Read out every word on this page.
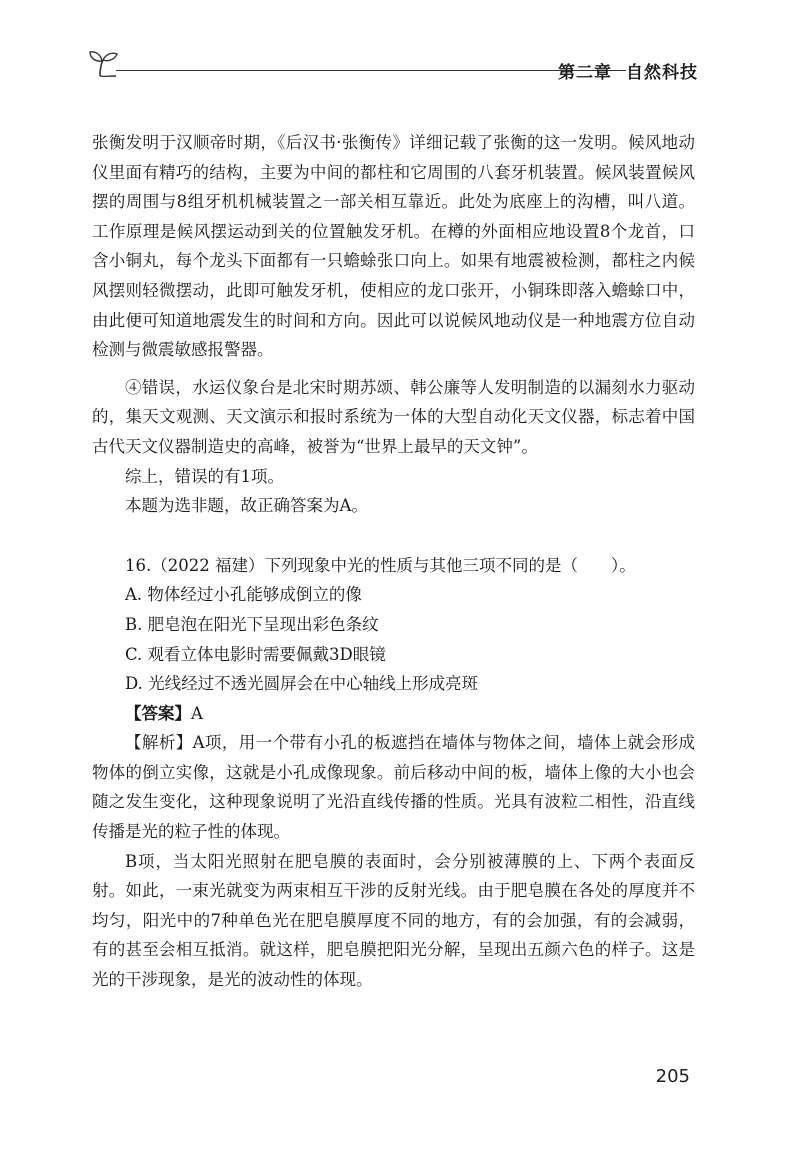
第二章 自然科技

张衡发明于汉顺帝时期，《后汉书·张衡传》详细记载了张衡的这一发明。候风地动仪里面有精巧的结构，主要为中间的都柱和它周围的八套牙机装置。候风装置候风摆的周围与8组牙机机械装置之一部关相互靠近。此处为底座上的沟槽，叫八道。工作原理是候风摆运动到关的位置触发牙机。在樽的外面相应地设置8个龙首，口含小铜丸，每个龙头下面都有一只蟾蜍张口向上。如果有地震被检测，都柱之内候风摆则轻微摆动，此即可触发牙机，使相应的龙口张开，小铜珠即落入蟾蜍口中，由此便可知道地震发生的时间和方向。因此可以说候风地动仪是一种地震方位自动检测与微震敏感报警器。

④错误，水运仪象台是北宋时期苏颂、韩公廉等人发明制造的以漏刻水力驱动的，集天文观测、天文演示和报时系统为一体的大型自动化天文仪器，标志着中国古代天文仪器制造史的高峰，被誉为“世界上最早的天文钟”。

综上，错误的有1项。

本题为选非题，故正确答案为A。

16.（2022 福建）下列现象中光的性质与其他三项不同的是（　　）。

A. 物体经过小孔能够成倒立的像

B. 肥皂泡在阳光下呈现出彩色条纹

C. 观看立体电影时需要佩戴3D眼镜

D. 光线经过不透光圆屏会在中心轴线上形成亮斑

【答案】A

【解析】A项，用一个带有小孔的板遮挡在墙体与物体之间，墙体上就会形成物体的倒立实像，这就是小孔成像现象。前后移动中间的板，墙体上像的大小也会随之发生变化，这种现象说明了光沿直线传播的性质。光具有波粒二相性，沿直线传播是光的粒子性的体现。

B项，当太阳光照射在肥皂膜的表面时，会分别被薄膜的上、下两个表面反射。如此，一束光就变为两束相互干涉的反射光线。由于肥皂膜在各处的厚度并不均匀，阳光中的7种单色光在肥皂膜厚度不同的地方，有的会加强，有的会减弱，有的甚至会相互抵消。就这样，肥皂膜把阳光分解，呈现出五颜六色的样子。这是光的干涉现象，是光的波动性的体现。

205
